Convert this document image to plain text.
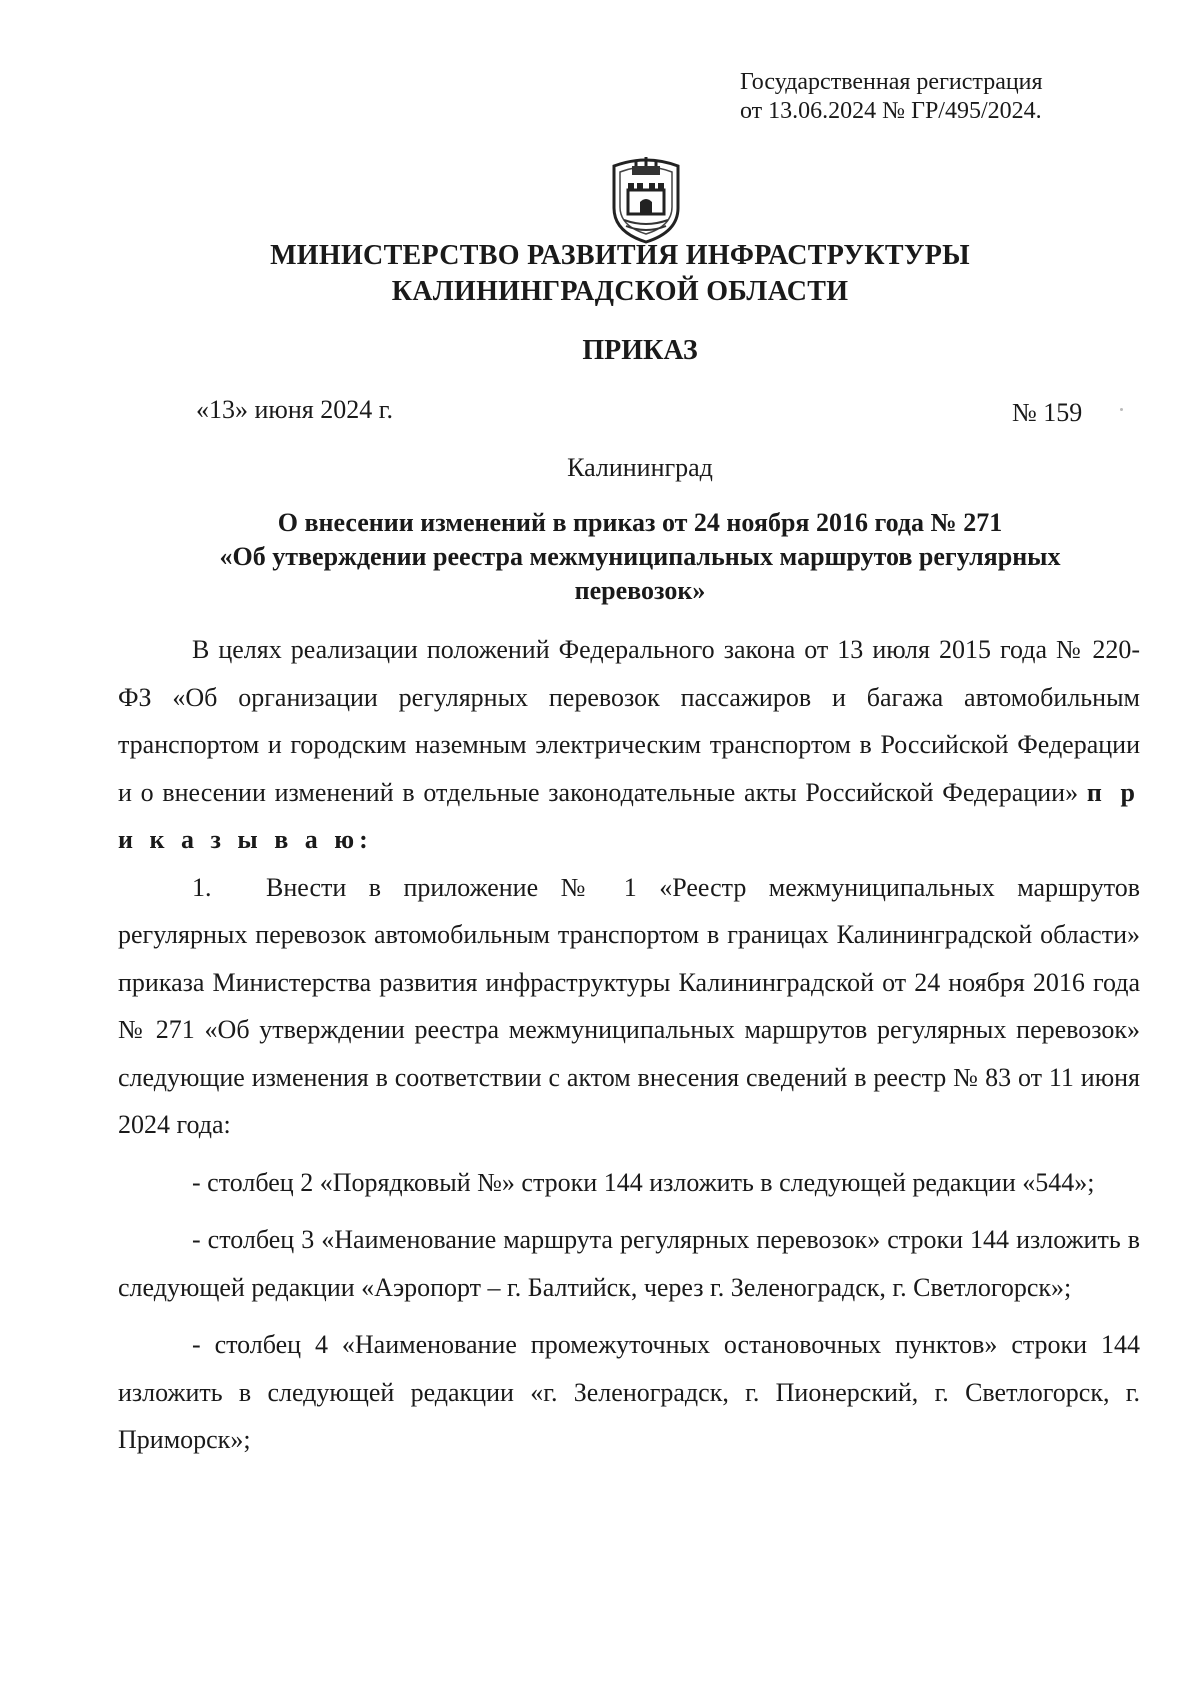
Государственная регистрация
от 13.06.2024 № ГР/495/2024.
МИНИСТЕРСТВО РАЗВИТИЯ ИНФРАСТРУКТУРЫ
КАЛИНИНГРАДСКОЙ ОБЛАСТИ
ПРИКАЗ
«13» июня 2024 г.	№ 159
Калининград
О внесении изменений в приказ от 24 ноября 2016 года № 271
«Об утверждении реестра межмуниципальных маршрутов регулярных
перевозок»

В целях реализации положений Федерального закона от 13 июля 2015 года № 220-ФЗ «Об организации регулярных перевозок пассажиров и багажа автомобильным транспортом и городским наземным электрическим транспортом в Российской Федерации и о внесении изменений в отдельные законодательные акты Российской Федерации» п р и к а з ы в а ю:

1. Внести в приложение № 1 «Реестр межмуниципальных маршрутов регулярных перевозок автомобильным транспортом в границах Калининградской области» приказа Министерства развития инфраструктуры Калининградской от 24 ноября 2016 года № 271 «Об утверждении реестра межмуниципальных маршрутов регулярных перевозок» следующие изменения в соответствии с актом внесения сведений в реестр № 83 от 11 июня 2024 года:

- столбец 2 «Порядковый №» строки 144 изложить в следующей редакции «544»;

- столбец 3 «Наименование маршрута регулярных перевозок» строки 144 изложить в следующей редакции «Аэропорт – г. Балтийск, через г. Зеленоградск, г. Светлогорск»;

- столбец 4 «Наименование промежуточных остановочных пунктов» строки 144 изложить в следующей редакции «г. Зеленоградск, г. Пионерский, г. Светлогорск, г. Приморск»;
